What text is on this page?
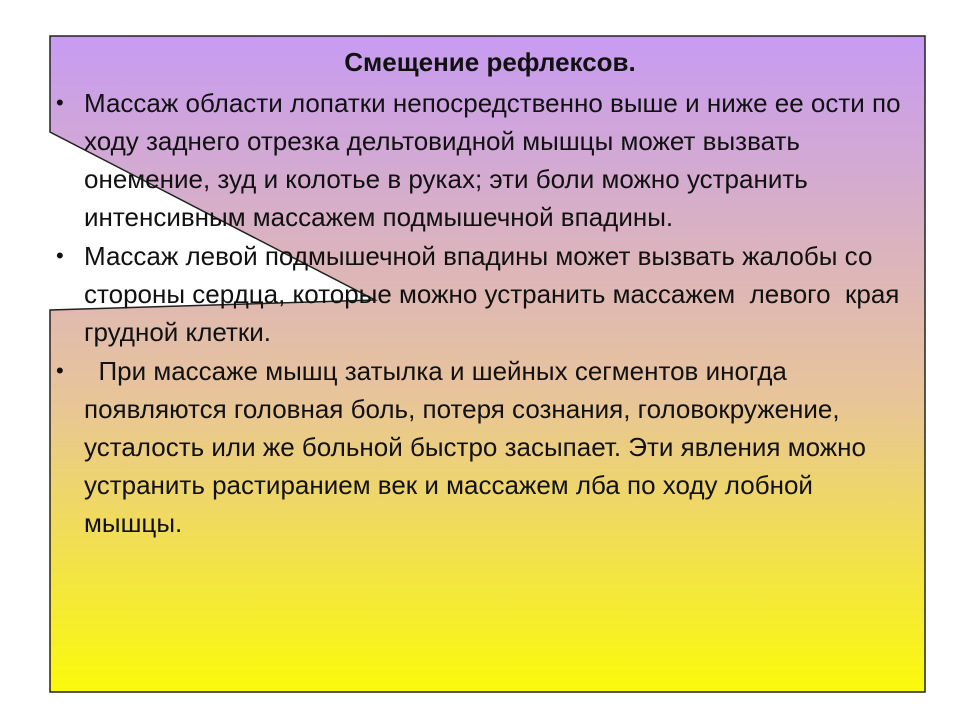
Смещение рефлексов.
• Массаж области лопатки непосредственно выше и ниже ее ости по ходу заднего отрезка дельтовидной мышцы может вызвать онемение, зуд и колотье в руках; эти боли можно устранить интенсивным массажем подмышечной впадины.
• Массаж левой подмышечной впадины может вызвать жалобы со стороны сердца, которые можно устранить массажем  левого  края грудной клетки.
• При массаже мышц затылка и шейных сегментов иногда появляются головная боль, потеря сознания, головокружение, усталость или же больной быстро засыпает. Эти явления можно устранить растиранием век и массажем лба по ходу лобной мышцы.
